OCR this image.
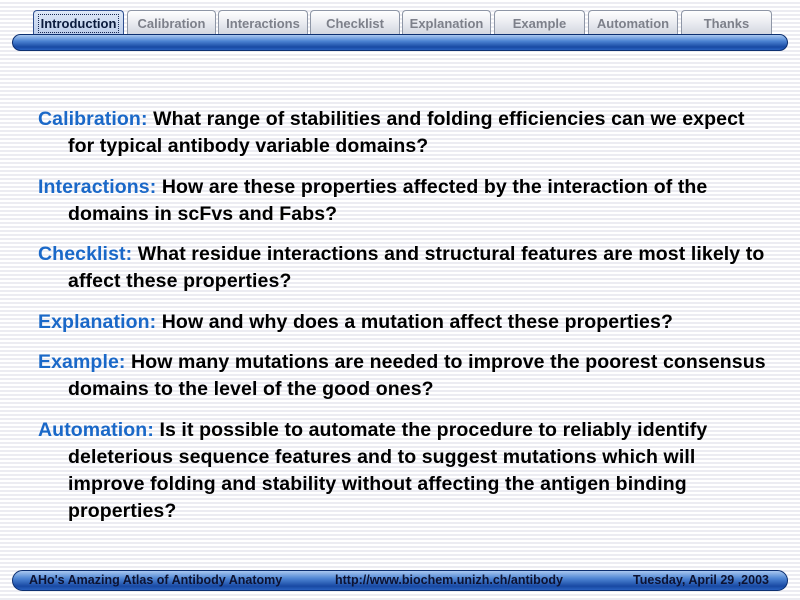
Introduction Calibration Interactions Checklist Explanation Example Automation	Thanks

Calibration: What range of stabilities and folding efficiencies can we expect for typical antibody variable domains?

Interactions: How are these properties affected by the interaction of the domains in scFvs and Fabs?

Checklist: What residue interactions and structural features are most likely to affect these properties?

Explanation: How and why does a mutation affect these properties?

Example: How many mutations are needed to improve the poorest consensus domains to the level of the good ones?

Automation: Is it possible to automate the procedure to reliably identify deleterious sequence features and to suggest mutations which will improve folding and stability without affecting the antigen binding properties?

AHo's Amazing Atlas of Antibody Anatomy	http://www.biochem.unizh.ch/antibody	Tuesday, April 29 ,2003
